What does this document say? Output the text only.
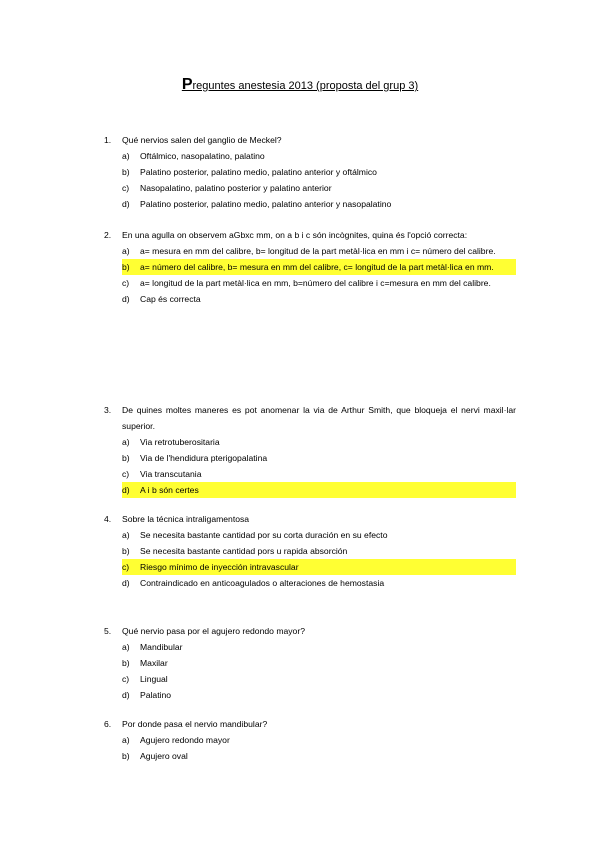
Preguntes anestesia 2013 (proposta del grup 3)
1.	Qué nervios salen del ganglio de Meckel?
a)	Oftálmico, nasopalatino, palatino
b)	Palatino posterior, palatino medio, palatino anterior y oftálmico
c)	Nasopalatino, palatino posterior y palatino anterior
d)	Palatino posterior, palatino medio, palatino anterior y nasopalatino
2.	En una agulla on observem aGbxc mm, on a b i c són incògnites, quina és l'opció correcta:
a)	a= mesura en mm del calibre, b= longitud de la part metàl·lica en mm i c= número del calibre.
b)	a= número del calibre, b= mesura en mm del calibre, c= longitud de la part metàl·lica en mm.
c)	a= longitud de la part metàl·lica en mm, b=número del calibre i c=mesura en mm del calibre.
d)	Cap és correcta
3.	De quines moltes maneres es pot anomenar la via de Arthur Smith, que bloqueja el nervi maxil·lar superior.
a)	Via retrotuberositaria
b)	Via de l'hendidura pterigopalatina
c)	Via transcutania
d)	A i b són certes
4.	Sobre la técnica intraligamentosa
a)	Se necesita bastante cantidad por su corta duración en su efecto
b)	Se necesita bastante cantidad pors u rapida absorción
c)	Riesgo mínimo de inyección intravascular
d)	Contraindicado en anticoagulados o alteraciones de hemostasia
5.	Qué nervio pasa por el agujero redondo mayor?
a)	Mandibular
b)	Maxilar
c)	Lingual
d)	Palatino
6.	Por donde pasa el nervio mandibular?
a)	Agujero redondo mayor
b)	Agujero oval
